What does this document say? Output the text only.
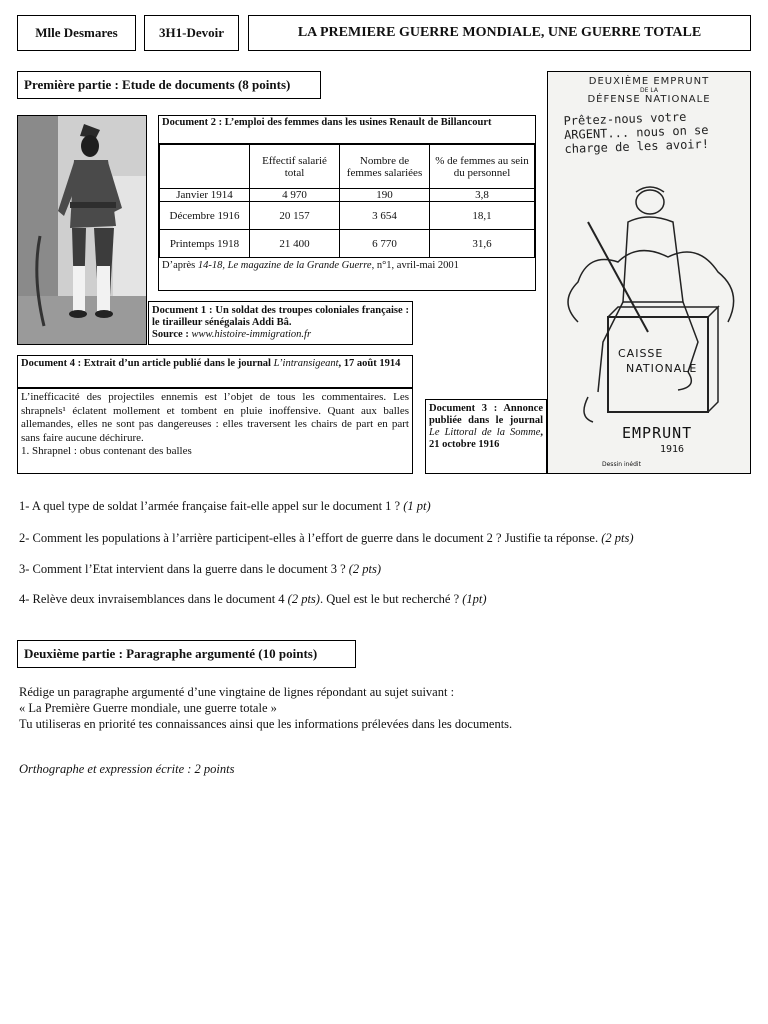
Mlle Desmares	3H1-Devoir	LA PREMIERE GUERRE MONDIALE, UNE GUERRE TOTALE
Première partie : Etude de documents (8 points)
Document 2 : L’emploi des femmes dans les usines Renault de Billancourt
	Effectif salarié total	Nombre de femmes salariées	% de femmes au sein du personnel
Janvier 1914	4 970	190	3,8
Décembre 1916	20 157	3 654	18,1
Printemps 1918	21 400	6 770	31,6
D’après 14-18, Le magazine de la Grande Guerre, n°1, avril-mai 2001
Document 1 : Un soldat des troupes coloniales française : le tirailleur sénégalais Addi Bâ.
Source : www.histoire-immigration.fr
DEUXIÈME EMPRUNT
DE LA
DÉFENSE NATIONALE
Prêtez-nous votre
ARGENT... nous on se
charge de les avoir!
CAISSE
NATIONALE
EMPRUNT
1916
Dessin inédit
Document 4 : Extrait d’un article publié dans le journal L’intransigeant, 17 août 1914
L’inefficacité des projectiles ennemis est l’objet de tous les commentaires. Les shrapnels¹ éclatent mollement et tombent en pluie inoffensive. Quant aux balles allemandes, elles ne sont pas dangereuses : elles traversent les chairs de part en part sans faire aucune déchirure.
1. Shrapnel : obus contenant des balles
Document 3 : Annonce publiée dans le journal Le Littoral de la Somme, 21 octobre 1916
1- A quel type de soldat l’armée française fait-elle appel sur le document 1 ? (1 pt)
2- Comment les populations à l’arrière participent-elles à l’effort de guerre dans le document 2 ? Justifie ta réponse. (2 pts)
3- Comment l’Etat intervient dans la guerre dans le document 3 ? (2 pts)
4- Relève deux invraisemblances dans le document 4 (2 pts). Quel est le but recherché ? (1pt)
Deuxième partie : Paragraphe argumenté (10 points)
Rédige un paragraphe argumenté d’une vingtaine de lignes répondant au sujet suivant :
« La Première Guerre mondiale, une guerre totale »
Tu utiliseras en priorité tes connaissances ainsi que les informations prélevées dans les documents.
Orthographe et expression écrite : 2 points
